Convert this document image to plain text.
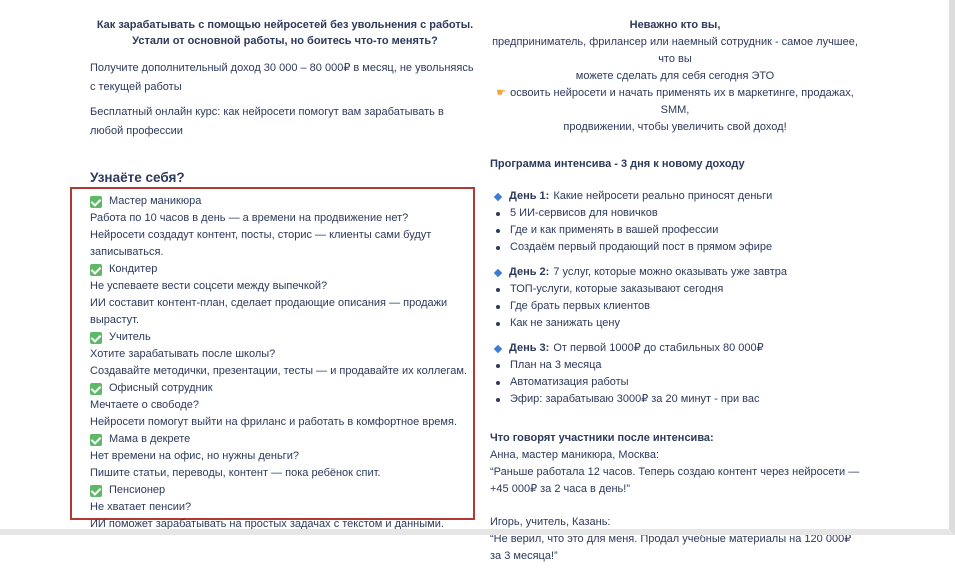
Как зарабатывать с помощью нейросетей без увольнения с работы.
Устали от основной работы, но боитесь что-то менять?

Получите дополнительный доход 30 000 – 80 000₽ в месяц, не увольняясь с текущей работы

Бесплатный онлайн курс: как нейросети помогут вам зарабатывать в любой профессии

Узнаёте себя?
Мастер маникюра
Работа по 10 часов в день — а времени на продвижение нет?
Нейросети создадут контент, посты, сторис — клиенты сами будут записываться.
Кондитер
Не успеваете вести соцсети между выпечкой?
ИИ составит контент-план, сделает продающие описания — продажи вырастут.
Учитель
Хотите зарабатывать после школы?
Создавайте методички, презентации, тесты — и продавайте их коллегам.
Офисный сотрудник
Мечтаете о свободе?
Нейросети помогут выйти на фриланс и работать в комфортное время.
Мама в декрете
Нет времени на офис, но нужны деньги?
Пишите статьи, переводы, контент — пока ребёнок спит.
Пенсионер
Не хватает пенсии?
ИИ поможет зарабатывать на простых задачах с текстом и данными.
Неважно кто вы,
предприниматель, фрилансер или наемный сотрудник - самое лучшее, что вы
можете сделать для себя сегодня ЭТО
☛ освоить нейросети и начать применять их в маркетинге, продажах, SMM,
продвижении, чтобы увеличить свой доход!
Программа интенсива - 3 дня к новому доходу
День 1: Какие нейросети реально приносят деньги
5 ИИ-сервисов для новичков
Где и как применять в вашей профессии
Создаём первый продающий пост в прямом эфире
День 2: 7 услуг, которые можно оказывать уже завтра
ТОП-услуги, которые заказывают сегодня
Где брать первых клиентов
Как не занижать цену
День 3: От первой 1000₽ до стабильных 80 000₽
План на 3 месяца
Автоматизация работы
Эфир: зарабатываю 3000₽ за 20 минут - при вас
Что говорят участники после интенсива:
Анна, мастер маникюра, Москва:
“Раньше работала 12 часов. Теперь создаю контент через нейросети — +45 000₽ за 2 часа в день!”
Игорь, учитель, Казань:
“Не верил, что это для меня. Продал учебные материалы на 120 000₽ за 3 месяца!”
